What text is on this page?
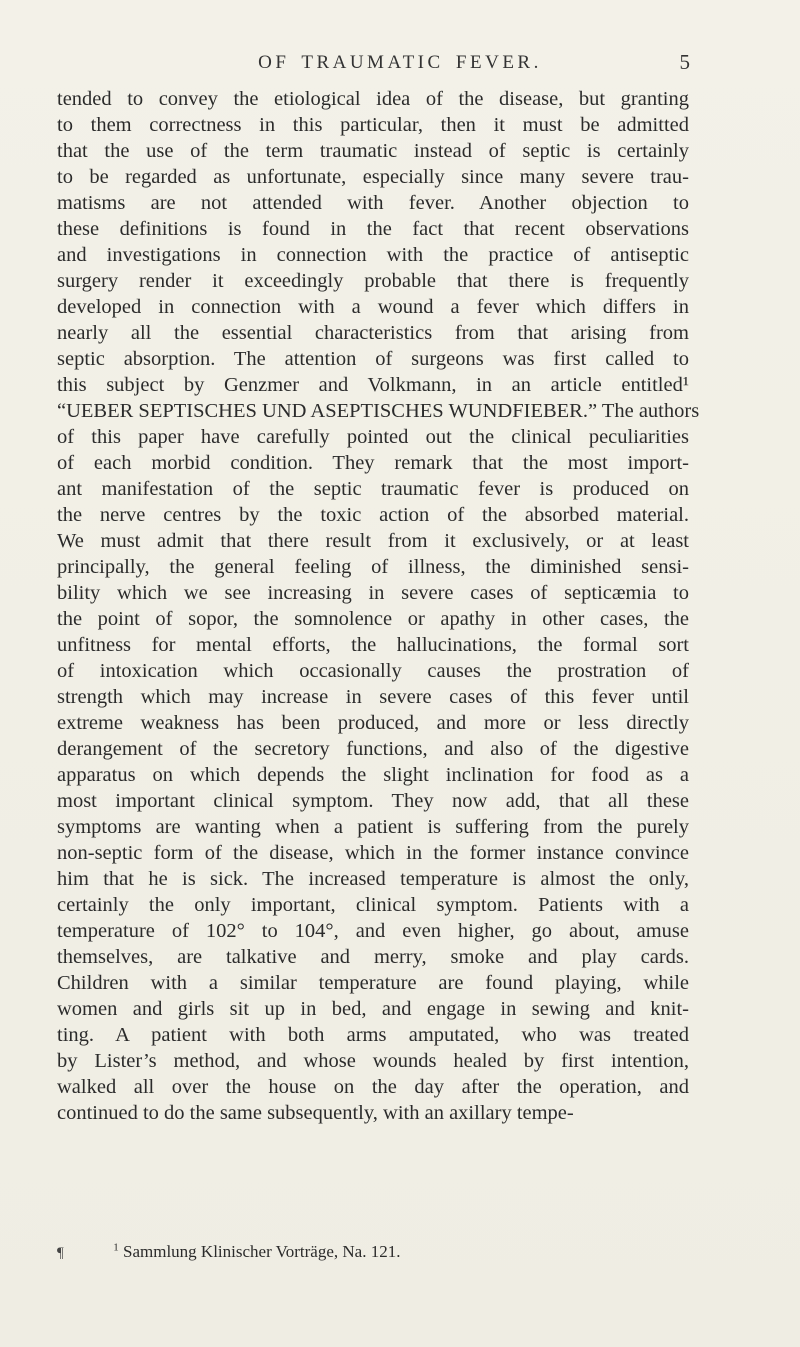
OF TRAUMATIC FEVER.	5
tended to convey the etiological idea of the disease, but granting
to them correctness in this particular, then it must be admitted
that the use of the term traumatic instead of septic is certainly
to be regarded as unfortunate, especially since many severe trau-
matisms are not attended with fever. Another objection to
these definitions is found in the fact that recent observations
and investigations in connection with the practice of antiseptic
surgery render it exceedingly probable that there is frequently
developed in connection with a wound a fever which differs in
nearly all the essential characteristics from that arising from
septic absorption. The attention of surgeons was first called to
this subject by Genzmer and Volkmann, in an article entitled¹
“UEBER SEPTISCHES UND ASEPTISCHES WUNDFIEBER.” The authors
of this paper have carefully pointed out the clinical peculiarities
of each morbid condition. They remark that the most import-
ant manifestation of the septic traumatic fever is produced on
the nerve centres by the toxic action of the absorbed material.
We must admit that there result from it exclusively, or at least
principally, the general feeling of illness, the diminished sensi-
bility which we see increasing in severe cases of septicæmia to
the point of sopor, the somnolence or apathy in other cases, the
unfitness for mental efforts, the hallucinations, the formal sort
of intoxication which occasionally causes the prostration of
strength which may increase in severe cases of this fever until
extreme weakness has been produced, and more or less directly
derangement of the secretory functions, and also of the digestive
apparatus on which depends the slight inclination for food as a
most important clinical symptom. They now add, that all these
symptoms are wanting when a patient is suffering from the purely
non-septic form of the disease, which in the former instance convince
him that he is sick. The increased temperature is almost the only,
certainly the only important, clinical symptom. Patients with a
temperature of 102° to 104°, and even higher, go about, amuse
themselves, are talkative and merry, smoke and play cards.
Children with a similar temperature are found playing, while
women and girls sit up in bed, and engage in sewing and knit-
ting. A patient with both arms amputated, who was treated
by Lister’s method, and whose wounds healed by first intention,
walked all over the house on the day after the operation, and
continued to do the same subsequently, with an axillary tempe-
¶	$^1$ Sammlung Klinischer Vorträge, Na. 121.
